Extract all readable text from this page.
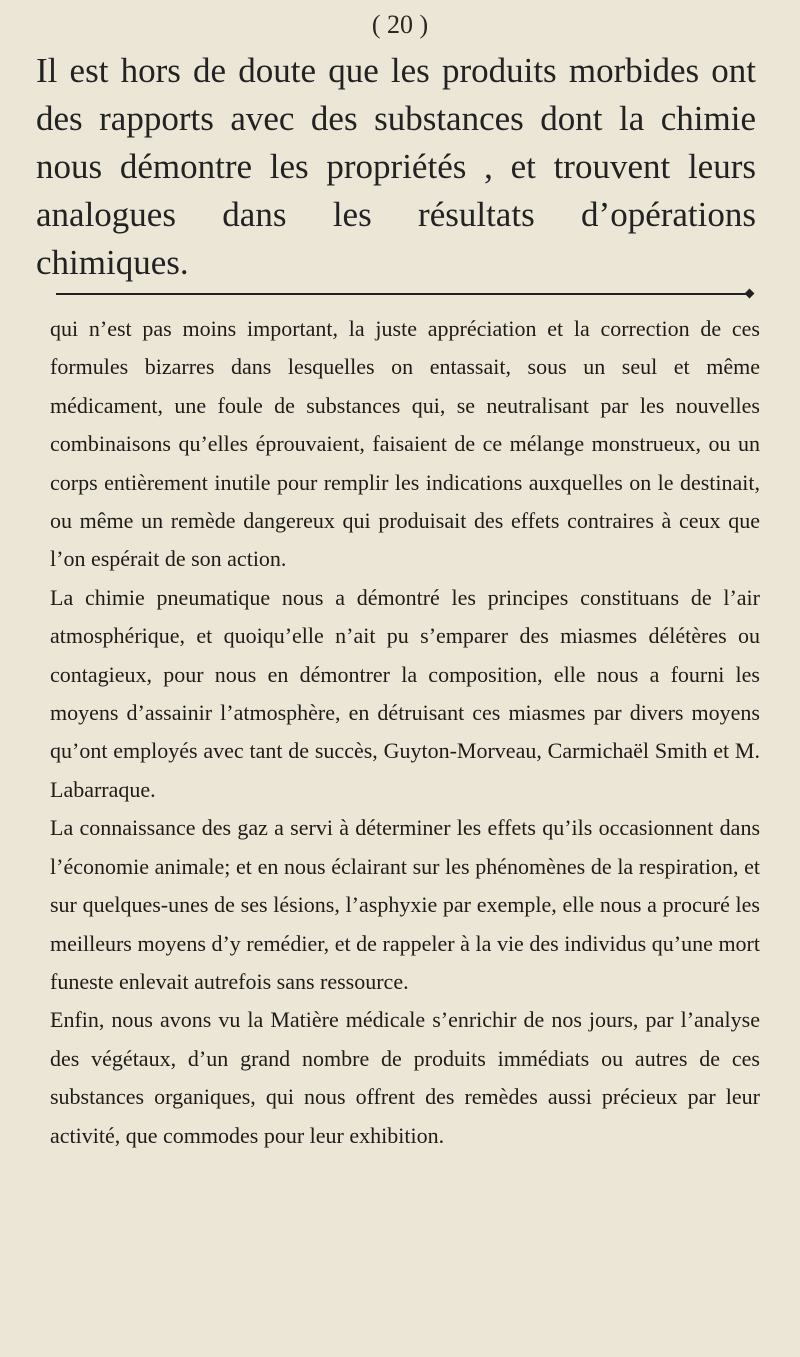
( 20 )
Il est hors de doute que les produits morbides ont des rapports avec des substances dont la chimie nous démontre les propriétés , et trouvent leurs analogues dans les résultats d’opérations chimiques.

qui n’est pas moins important, la juste appréciation et la correction de ces formules bizarres dans lesquelles on entassait, sous un seul et même médicament, une foule de substances qui, se neutralisant par les nouvelles combinaisons qu’elles éprouvaient, faisaient de ce mélange monstrueux, ou un corps entièrement inutile pour remplir les indications auxquelles on le destinait, ou même un remède dangereux qui produisait des effets contraires à ceux que l’on espérait de son action.

La chimie pneumatique nous a démontré les principes constituans de l’air atmosphérique, et quoiqu’elle n’ait pu s’emparer des miasmes délétères ou contagieux, pour nous en démontrer la composition, elle nous a fourni les moyens d’assainir l’atmosphère, en détruisant ces miasmes par divers moyens qu’ont employés avec tant de succès, Guyton-Morveau, Carmichaël Smith et M. Labarraque.

La connaissance des gaz a servi à déterminer les effets qu’ils occasionnent dans l’économie animale; et en nous éclairant sur les phénomènes de la respiration, et sur quelques-unes de ses lésions, l’asphyxie par exemple, elle nous a procuré les meilleurs moyens d’y remédier, et de rappeler à la vie des individus qu’une mort funeste enlevait autrefois sans ressource.

Enfin, nous avons vu la Matière médicale s’enrichir de nos jours, par l’analyse des végétaux, d’un grand nombre de produits immédiats ou autres de ces substances organiques, qui nous offrent des remèdes aussi précieux par leur activité, que commodes pour leur exhibition.
